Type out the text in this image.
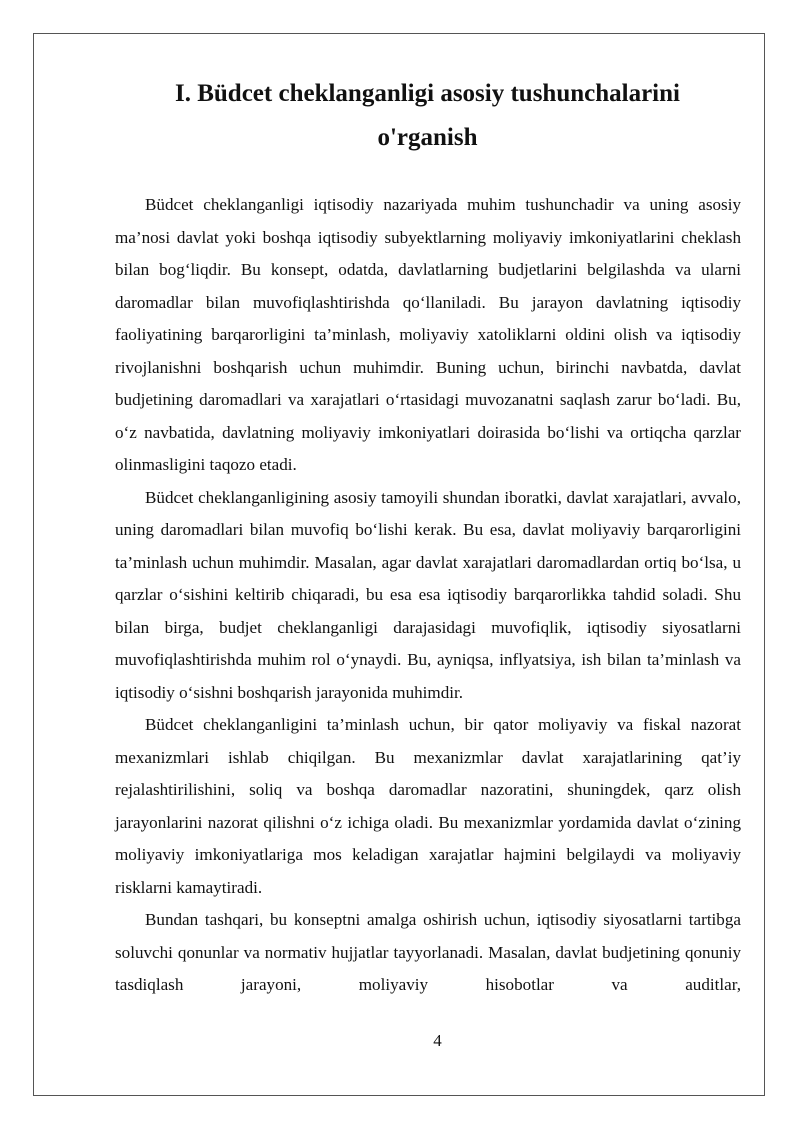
I. Büdcet cheklanganligi asosiy tushunchalarini
o'rganish

Büdcet cheklanganligi iqtisodiy nazariyada muhim tushunchadir va uning asosiy ma’nosi davlat yoki boshqa iqtisodiy subyektlarning moliyaviy imkoniyatlarini cheklash bilan bog‘liqdir. Bu konsept, odatda, davlatlarning budjetlarini belgilashda va ularni daromadlar bilan muvofiqlashtirishda qo‘llaniladi. Bu jarayon davlatning iqtisodiy faoliyatining barqarorligini ta’minlash, moliyaviy xatoliklarni oldini olish va iqtisodiy rivojlanishni boshqarish uchun muhimdir. Buning uchun, birinchi navbatda, davlat budjetining daromadlari va xarajatlari o‘rtasidagi muvozanatni saqlash zarur bo‘ladi. Bu, o‘z navbatida, davlatning moliyaviy imkoniyatlari doirasida bo‘lishi va ortiqcha qarzlar olinmasligini taqozo etadi.

Büdcet cheklanganligining asosiy tamoyili shundan iboratki, davlat xarajatlari, avvalo, uning daromadlari bilan muvofiq bo‘lishi kerak. Bu esa, davlat moliyaviy barqarorligini ta’minlash uchun muhimdir. Masalan, agar davlat xarajatlari daromadlardan ortiq bo‘lsa, u qarzlar o‘sishini keltirib chiqaradi, bu esa esa iqtisodiy barqarorlikka tahdid soladi. Shu bilan birga, budjet cheklanganligi darajasidagi muvofiqlik, iqtisodiy siyosatlarni muvofiqlashtirishda muhim rol o‘ynaydi. Bu, ayniqsa, inflyatsiya, ish bilan ta’minlash va iqtisodiy o‘sishni boshqarish jarayonida muhimdir.

Büdcet cheklanganligini ta’minlash uchun, bir qator moliyaviy va fiskal nazorat mexanizmlari ishlab chiqilgan. Bu mexanizmlar davlat xarajatlarining qat’iy rejalashtirilishini, soliq va boshqa daromadlar nazoratini, shuningdek, qarz olish jarayonlarini nazorat qilishni o‘z ichiga oladi. Bu mexanizmlar yordamida davlat o‘zining moliyaviy imkoniyatlariga mos keladigan xarajatlar hajmini belgilaydi va moliyaviy risklarni kamaytiradi.

Bundan tashqari, bu konseptni amalga oshirish uchun, iqtisodiy siyosatlarni tartibga soluvchi qonunlar va normativ hujjatlar tayyorlanadi. Masalan, davlat budjetining qonuniy tasdiqlash jarayoni, moliyaviy hisobotlar va auditlar,

4
